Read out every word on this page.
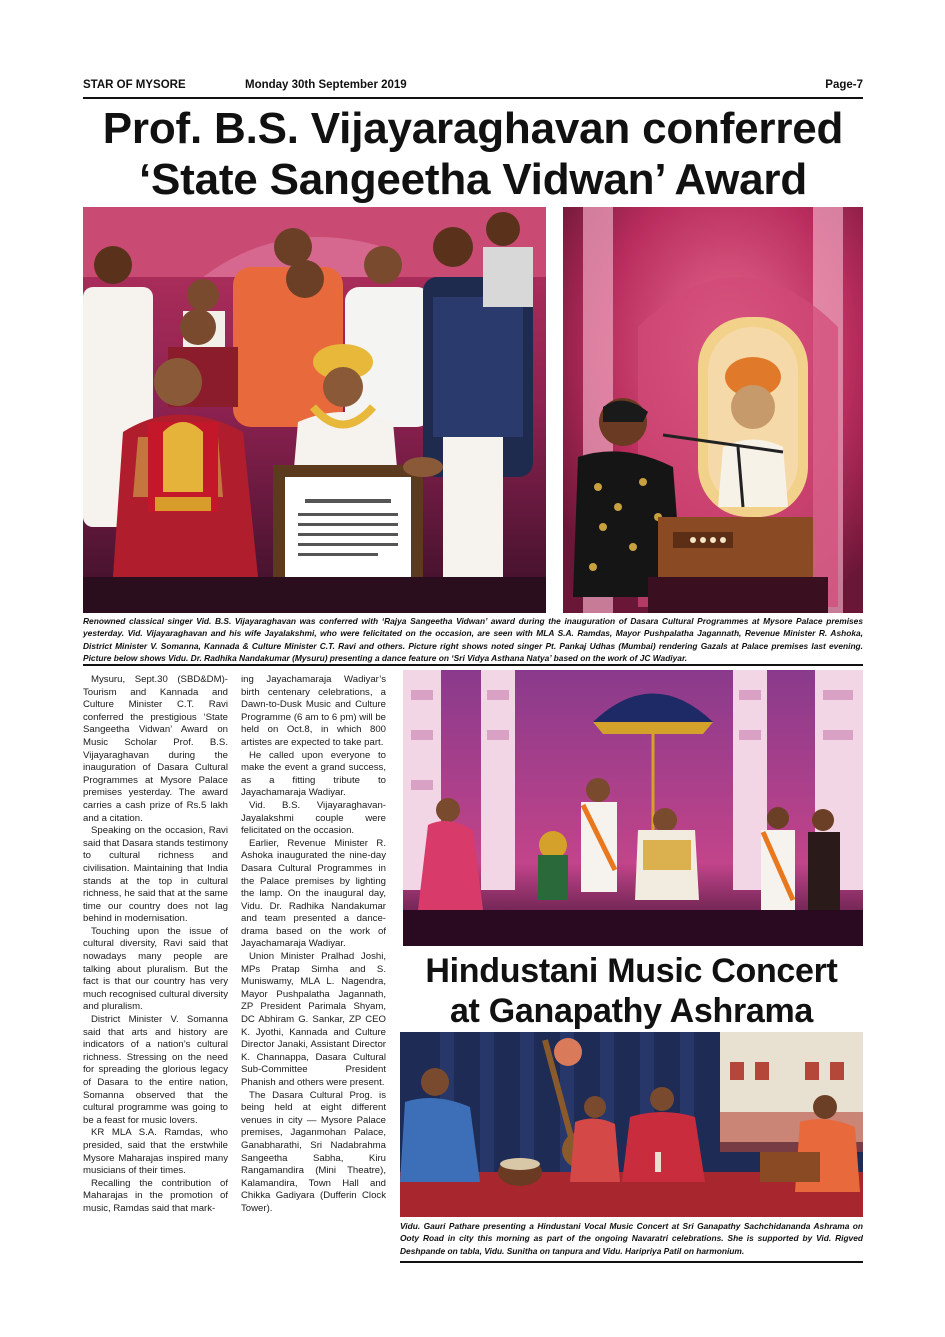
STAR OF MYSORE	Monday 30th September 2019	Page-7
Prof. B.S. Vijayaraghavan conferred
‘State Sangeetha Vidwan’ Award
Renowned classical singer Vid. B.S. Vijayaraghavan was conferred with ‘Rajya Sangeetha Vidwan’ award during the inauguration of Dasara Cultural Programmes at Mysore Palace premises yesterday. Vid. Vijayaraghavan and his wife Jayalakshmi, who were felicitated on the occasion, are seen with MLA S.A. Ramdas, Mayor Pushpalatha Jagannath, Revenue Minister R. Ashoka, District Minister V. Somanna, Kannada & Culture Minister C.T. Ravi and others. Picture right shows noted singer Pt. Pankaj Udhas (Mumbai) rendering Gazals at Palace premises last evening. Picture below shows Vidu. Dr. Radhika Nandakumar (Mysuru) presenting a dance feature on ‘Sri Vidya Asthana Natya’ based on the work of JC Wadiyar.

Mysuru, Sept.30 (SBD&DM)- Tourism and Kannada and Culture Minister C.T. Ravi conferred the prestigious ‘State Sangeetha Vidwan’ Award on Music Scholar Prof. B.S. Vijayaraghavan during the inauguration of Dasara Cultural Programmes at Mysore Palace premises yesterday. The award carries a cash prize of Rs.5 lakh and a citation.

Speaking on the occasion, Ravi said that Dasara stands testimony to cultural richness and civilisation. Maintaining that India stands at the top in cultural richness, he said that at the same time our country does not lag behind in modernisation.

Touching upon the issue of cultural diversity, Ravi said that nowadays many people are talking about pluralism. But the fact is that our country has very much recognised cultural diversity and pluralism.

District Minister V. Somanna said that arts and history are indicators of a nation’s cultural richness. Stressing on the need for spreading the glorious legacy of Dasara to the entire nation, Somanna observed that the cultural programme was going to be a feast for music lovers.

KR MLA S.A. Ramdas, who presided, said that the erstwhile Mysore Maharajas inspired many musicians of their times.

Recalling the contribution of Maharajas in the promotion of music, Ramdas said that mark-

ing Jayachamaraja Wadiyar’s birth centenary celebrations, a Dawn-to-Dusk Music and Culture Programme (6 am to 6 pm) will be held on Oct.8, in which 800 artistes are expected to take part.

He called upon everyone to make the event a grand success, as a fitting tribute to Jayachamaraja Wadiyar.

Vid. B.S. Vijayaraghavan-Jayalakshmi couple were felicitated on the occasion.

Earlier, Revenue Minister R. Ashoka inaugurated the nine-day Dasara Cultural Programmes in the Palace premises by lighting the lamp. On the inaugural day, Vidu. Dr. Radhika Nandakumar and team presented a dance-drama based on the work of Jayachamaraja Wadiyar.

Union Minister Pralhad Joshi, MPs Pratap Simha and S. Muniswamy, MLA L. Nagendra, Mayor Pushpalatha Jagannath, ZP President Parimala Shyam, DC Abhiram G. Sankar, ZP CEO K. Jyothi, Kannada and Culture Director Janaki, Assistant Director K. Channappa, Dasara Cultural Sub-Committee President Phanish and others were present.

The Dasara Cultural Prog. is being held at eight different venues in city — Mysore Palace premises, Jaganmohan Palace, Ganabharathi, Sri Nadabrahma Sangeetha Sabha, Kiru Rangamandira (Mini Theatre), Kalamandira, Town Hall and Chikka Gadiyara (Dufferin Clock Tower).

Hindustani Music Concert
at Ganapathy Ashrama
Vidu. Gauri Pathare presenting a Hindustani Vocal Music Concert at Sri Ganapathy Sachchidananda Ashrama on Ooty Road in city this morning as part of the ongoing Navaratri celebrations. She is supported by Vid. Rigved Deshpande on tabla, Vidu. Sunitha on tanpura and Vidu. Haripriya Patil on harmonium.
